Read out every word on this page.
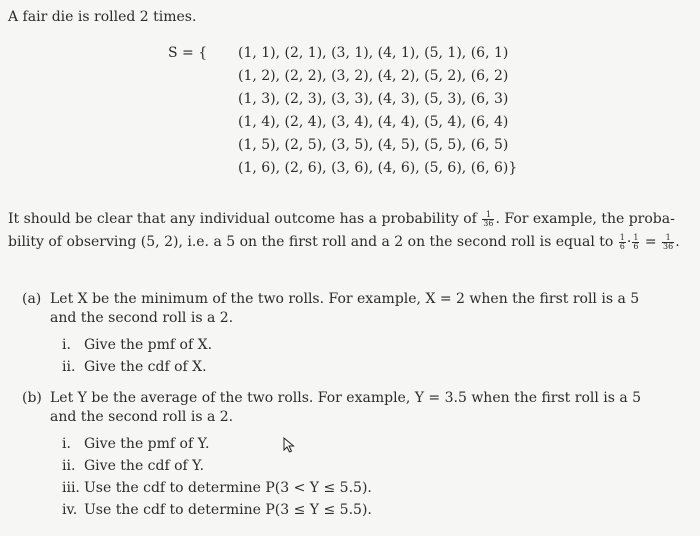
A fair die is rolled 2 times.
S = { (1, 1), (2, 1), (3, 1), (4, 1), (5, 1), (6, 1)
(1, 2), (2, 2), (3, 2), (4, 2), (5, 2), (6, 2)
(1, 3), (2, 3), (3, 3), (4, 3), (5, 3), (6, 3)
(1, 4), (2, 4), (3, 4), (4, 4), (5, 4), (6, 4)
(1, 5), (2, 5), (3, 5), (4, 5), (5, 5), (6, 5)
(1, 6), (2, 6), (3, 6), (4, 6), (5, 6), (6, 6)}
It should be clear that any individual outcome has a probability of $\frac{1}{36}$ . For example, the proba-
bility of observing (5, 2), i.e. a 5 on the first roll and a 2 on the second roll is equal to $\frac{1}{6} \cdot \frac{1}{6} = \frac{1}{36}$ .
(a) Let X be the minimum of the two rolls. For example, X = 2 when the first roll is a 5
and the second roll is a 2.
i. Give the pmf of X.
ii. Give the cdf of X.
(b) Let Y be the average of the two rolls. For example, Y = 3.5 when the first roll is a 5
and the second roll is a 2.
i. Give the pmf of Y.
ii. Give the cdf of Y.
iii. Use the cdf to determine P(3 < Y ≤ 5.5).
iv. Use the cdf to determine P(3 ≤ Y ≤ 5.5).
